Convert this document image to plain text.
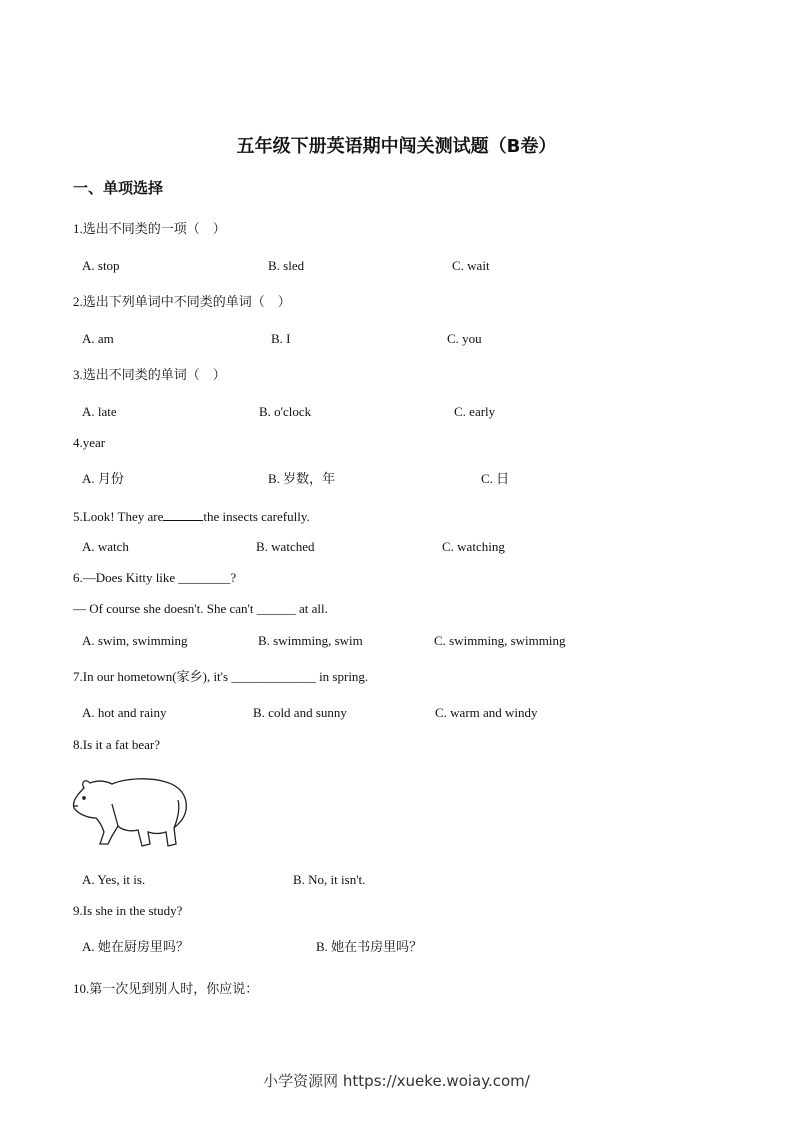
五年级下册英语期中闯关测试题（B卷）
一、单项选择
1.选出不同类的一项（　）
A. stop	B. sled	C. wait
2.选出下列单词中不同类的单词（　）
A. am	B. I	C. you
3.选出不同类的单词（　）
A. late	B. o'clock	C. early
4.year
A. 月份	B. 岁数，年	C. 日
5.Look! They are	the insects carefully.
A. watch	B. watched	C. watching
6.—Does Kitty like ________?
— Of course she doesn't. She can't ______ at all.
A. swim, swimming	B. swimming, swim	C. swimming, swimming
7.In our hometown(家乡), it's _____________ in spring.
A. hot and rainy	B. cold and sunny	C. warm and windy
8.Is it a fat bear?
A. Yes, it is.	B. No, it isn't.
9.Is she in the study?
A. 她在厨房里吗？	B. 她在书房里吗？
10.第一次见到别人时，你应说：
小学资源网 https://xueke.woiay.com/
